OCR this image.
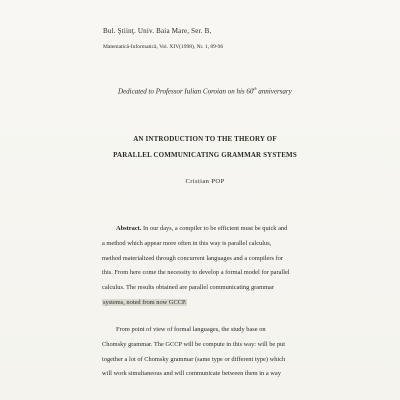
Bul. Ştiinţ. Univ. Baia Mare, Ser. B,
Matematică-Informatică, Vol. XIV(1998), Nr. 1, 89-96
Dedicated to Professor Iulian Coroian on his 60th anniversary
AN INTRODUCTION TO THE THEORY OF
PARALLEL COMMUNICATING GRAMMAR SYSTEMS
Cristian POP
Abstract. In our days, a compiler to be efficient must be quick and
a method which appear more often in this way is parallel calculus,
method materialized through concurrent languages and a compilers for
this. From here come the necessity to develop a formal model for parallel
calculus. The results obtained are parallel communicating grammar
systems, noted from now GCCP.
From point of view of formal languages, the study base on
Chomsky grammar. The GCCP will be compute in this way: will be put
together a lot of Chomsky grammar (same type or different type) which
will work simultaneous and will communicate between them in a way
